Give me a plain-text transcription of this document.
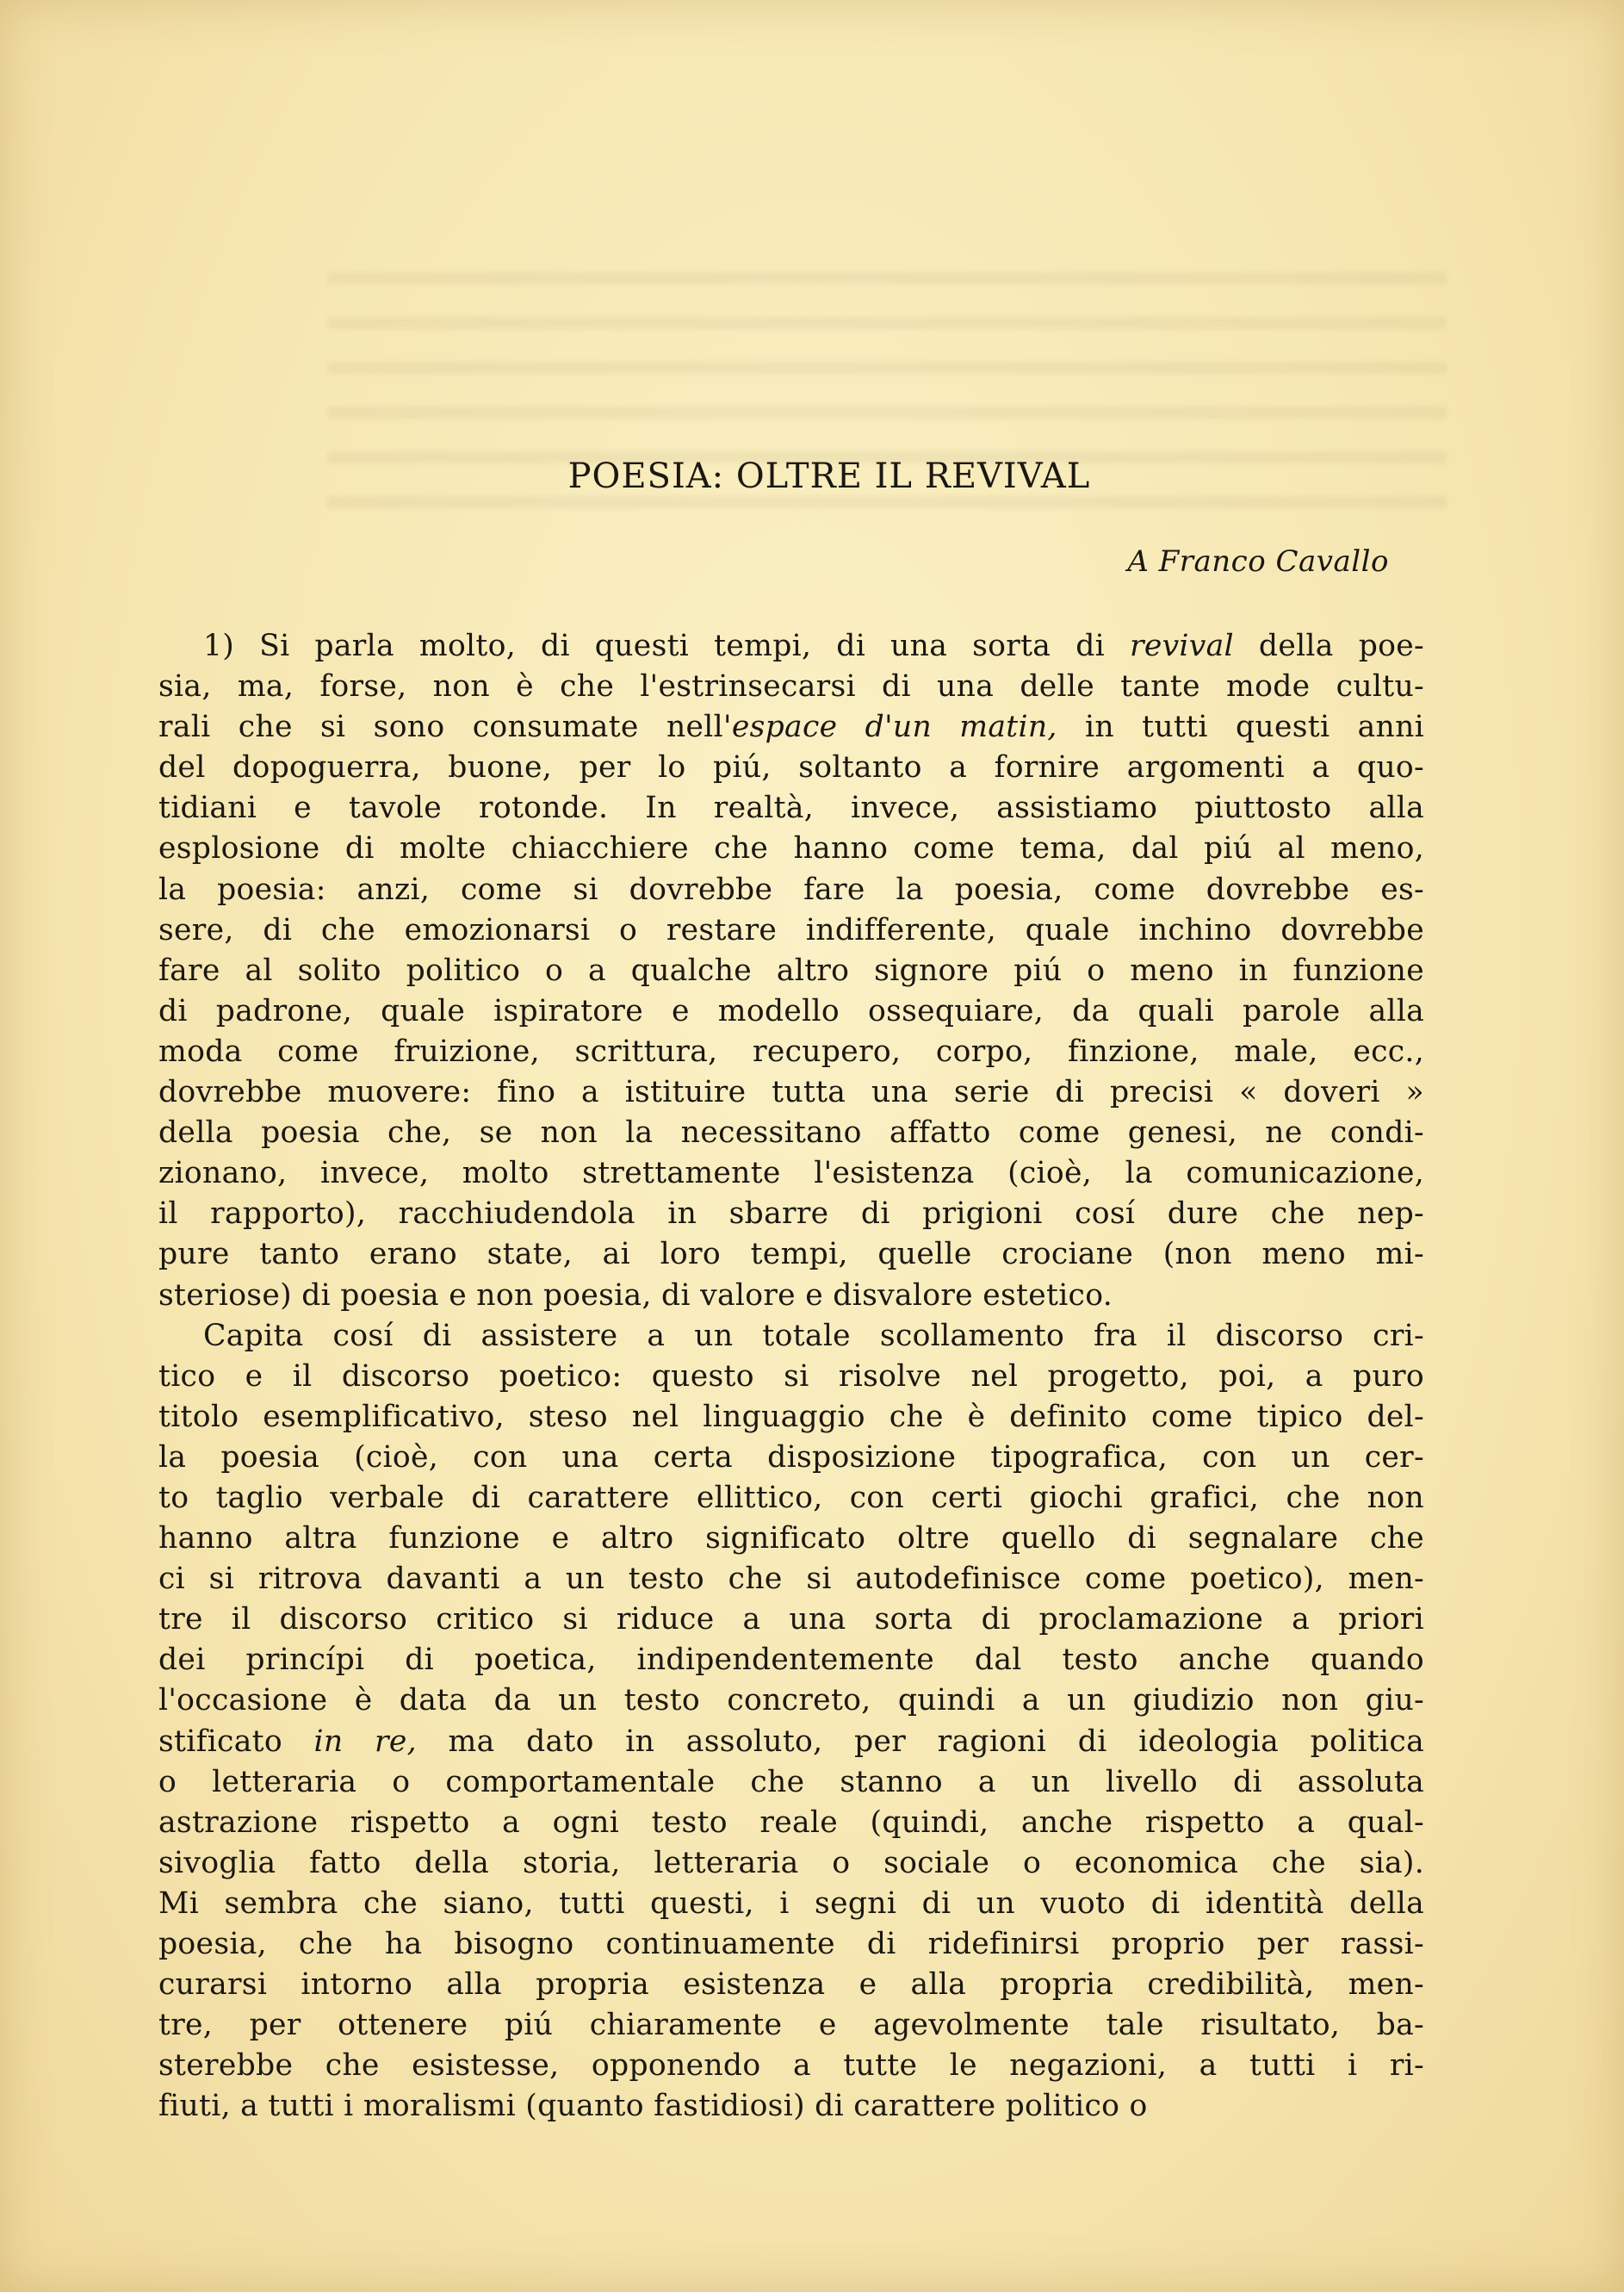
POESIA: OLTRE IL REVIVAL
A Franco Cavallo
1) Si parla molto, di questi tempi, di una sorta di revival della poe-
sia, ma, forse, non è che l'estrinsecarsi di una delle tante mode cultu-
rali che si sono consumate nell'espace d'un matin, in tutti questi anni
del dopoguerra, buone, per lo piú, soltanto a fornire argomenti a quo-
tidiani e tavole rotonde. In realtà, invece, assistiamo piuttosto alla
esplosione di molte chiacchiere che hanno come tema, dal piú al meno,
la poesia: anzi, come si dovrebbe fare la poesia, come dovrebbe es-
sere, di che emozionarsi o restare indifferente, quale inchino dovrebbe
fare al solito politico o a qualche altro signore piú o meno in funzione
di padrone, quale ispiratore e modello ossequiare, da quali parole alla
moda come fruizione, scrittura, recupero, corpo, finzione, male, ecc.,
dovrebbe muovere: fino a istituire tutta una serie di precisi « doveri »
della poesia che, se non la necessitano affatto come genesi, ne condi-
zionano, invece, molto strettamente l'esistenza (cioè, la comunicazione,
il rapporto), racchiudendola in sbarre di prigioni cosí dure che nep-
pure tanto erano state, ai loro tempi, quelle crociane (non meno mi-
steriose) di poesia e non poesia, di valore e disvalore estetico.
Capita cosí di assistere a un totale scollamento fra il discorso cri-
tico e il discorso poetico: questo si risolve nel progetto, poi, a puro
titolo esemplificativo, steso nel linguaggio che è definito come tipico del-
la poesia (cioè, con una certa disposizione tipografica, con un cer-
to taglio verbale di carattere ellittico, con certi giochi grafici, che non
hanno altra funzione e altro significato oltre quello di segnalare che
ci si ritrova davanti a un testo che si autodefinisce come poetico), men-
tre il discorso critico si riduce a una sorta di proclamazione a priori
dei princípi di poetica, indipendentemente dal testo anche quando
l'occasione è data da un testo concreto, quindi a un giudizio non giu-
stificato in re, ma dato in assoluto, per ragioni di ideologia politica
o letteraria o comportamentale che stanno a un livello di assoluta
astrazione rispetto a ogni testo reale (quindi, anche rispetto a qual-
sivoglia fatto della storia, letteraria o sociale o economica che sia).
Mi sembra che siano, tutti questi, i segni di un vuoto di identità della
poesia, che ha bisogno continuamente di ridefinirsi proprio per rassi-
curarsi intorno alla propria esistenza e alla propria credibilità, men-
tre, per ottenere piú chiaramente e agevolmente tale risultato, ba-
sterebbe che esistesse, opponendo a tutte le negazioni, a tutti i ri-
fiuti, a tutti i moralismi (quanto fastidiosi) di carattere politico o
